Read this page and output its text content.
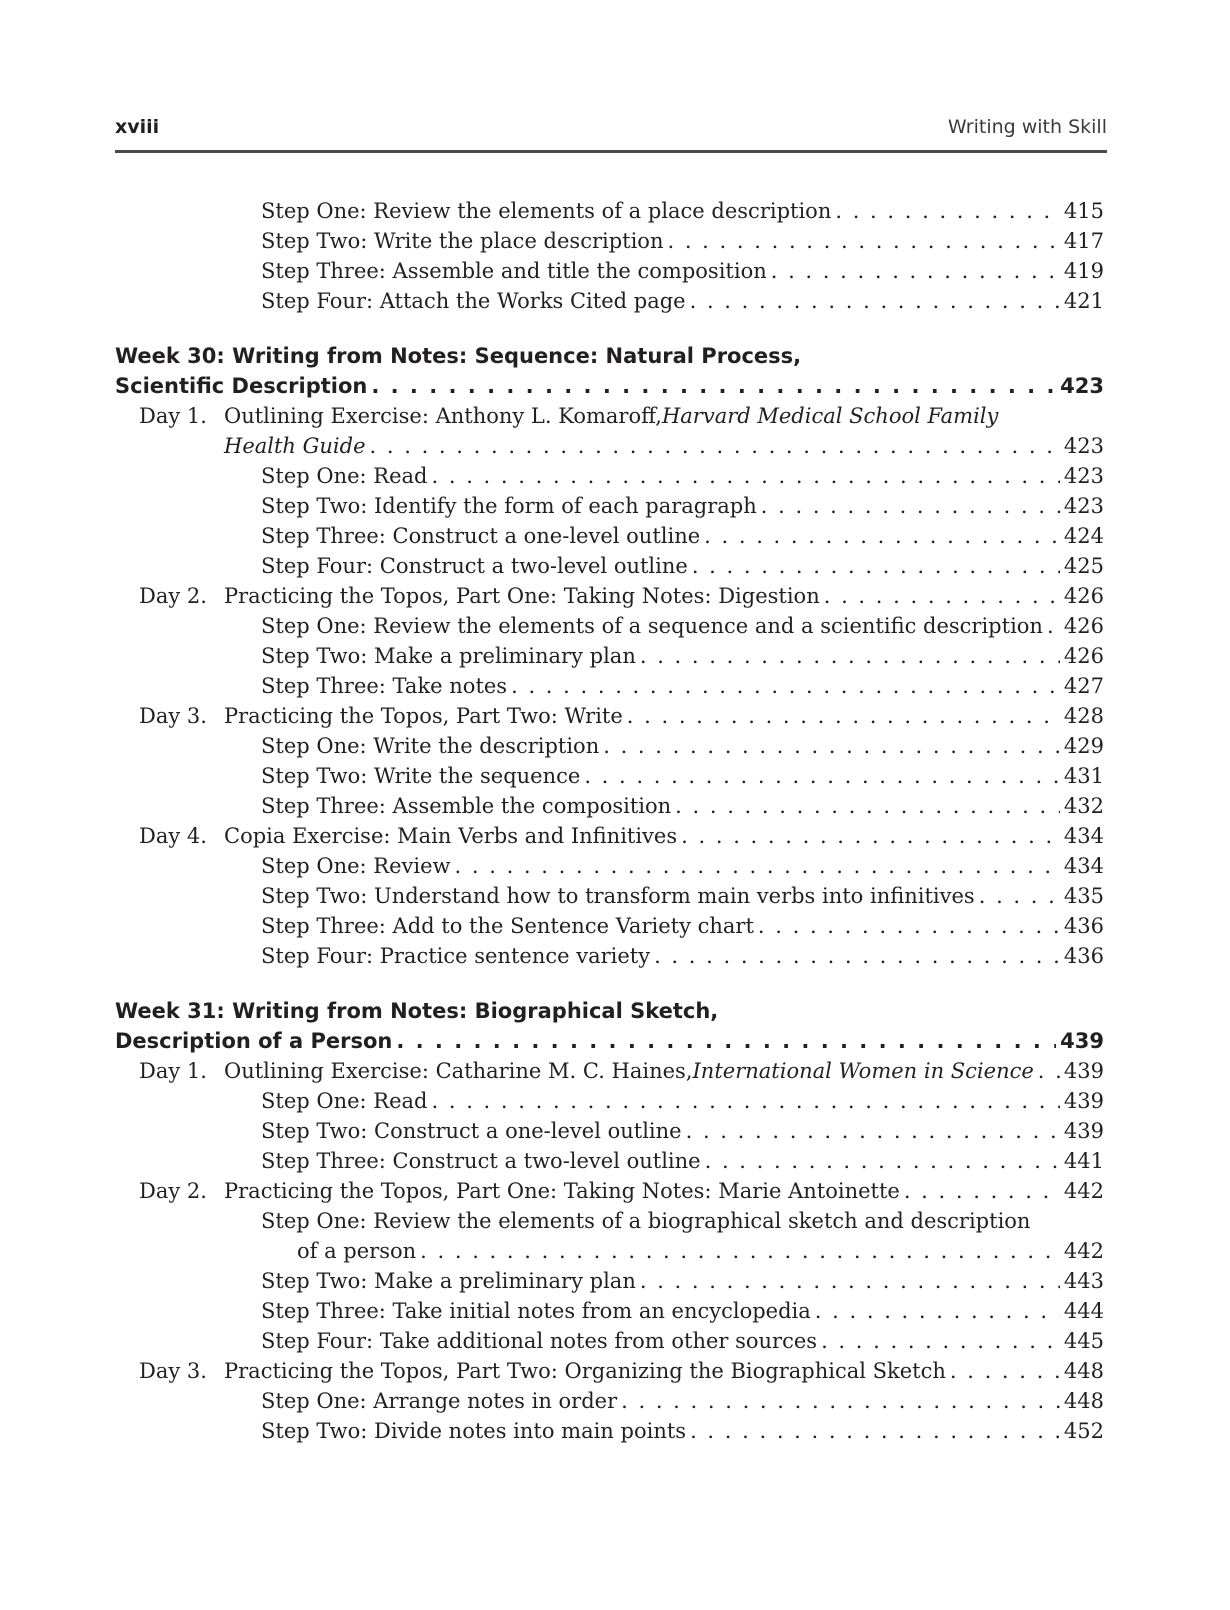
xviii	Writing with Skill
Step One: Review the elements of a place description . . .	415
Step Two: Write the place description . . .	417
Step Three: Assemble and title the composition . . .	419
Step Four: Attach the Works Cited page . . .	421
Week 30: Writing from Notes: Sequence: Natural Process,
Scientific Description . . .	423
Day 1. Outlining Exercise: Anthony L. Komaroff, Harvard Medical School Family
Health Guide . . .	423
Step One: Read . . .	423
Step Two: Identify the form of each paragraph . . .	423
Step Three: Construct a one-level outline . . .	424
Step Four: Construct a two-level outline . . .	425
Day 2. Practicing the Topos, Part One: Taking Notes: Digestion . . .	426
Step One: Review the elements of a sequence and a scientific description . . . 426
Step Two: Make a preliminary plan . . .	426
Step Three: Take notes . . .	427
Day 3. Practicing the Topos, Part Two: Write . . .	428
Step One: Write the description . . .	429
Step Two: Write the sequence . . .	431
Step Three: Assemble the composition . . .	432
Day 4. Copia Exercise: Main Verbs and Infinitives . . .	434
Step One: Review . . .	434
Step Two: Understand how to transform main verbs into infinitives . . .	435
Step Three: Add to the Sentence Variety chart . . .	436
Step Four: Practice sentence variety . . .	436
Week 31: Writing from Notes: Biographical Sketch,
Description of a Person . . .	439
Day 1. Outlining Exercise: Catharine M. C. Haines, International Women in Science . . . 439
Step One: Read . . .	439
Step Two: Construct a one-level outline . . .	439
Step Three: Construct a two-level outline . . .	441
Day 2. Practicing the Topos, Part One: Taking Notes: Marie Antoinette . . .	442
Step One: Review the elements of a biographical sketch and description
of a person . . .	442
Step Two: Make a preliminary plan . . .	443
Step Three: Take initial notes from an encyclopedia . . .	444
Step Four: Take additional notes from other sources . . .	445
Day 3. Practicing the Topos, Part Two: Organizing the Biographical Sketch . . .	448
Step One: Arrange notes in order . . .	448
Step Two: Divide notes into main points . . .	452
